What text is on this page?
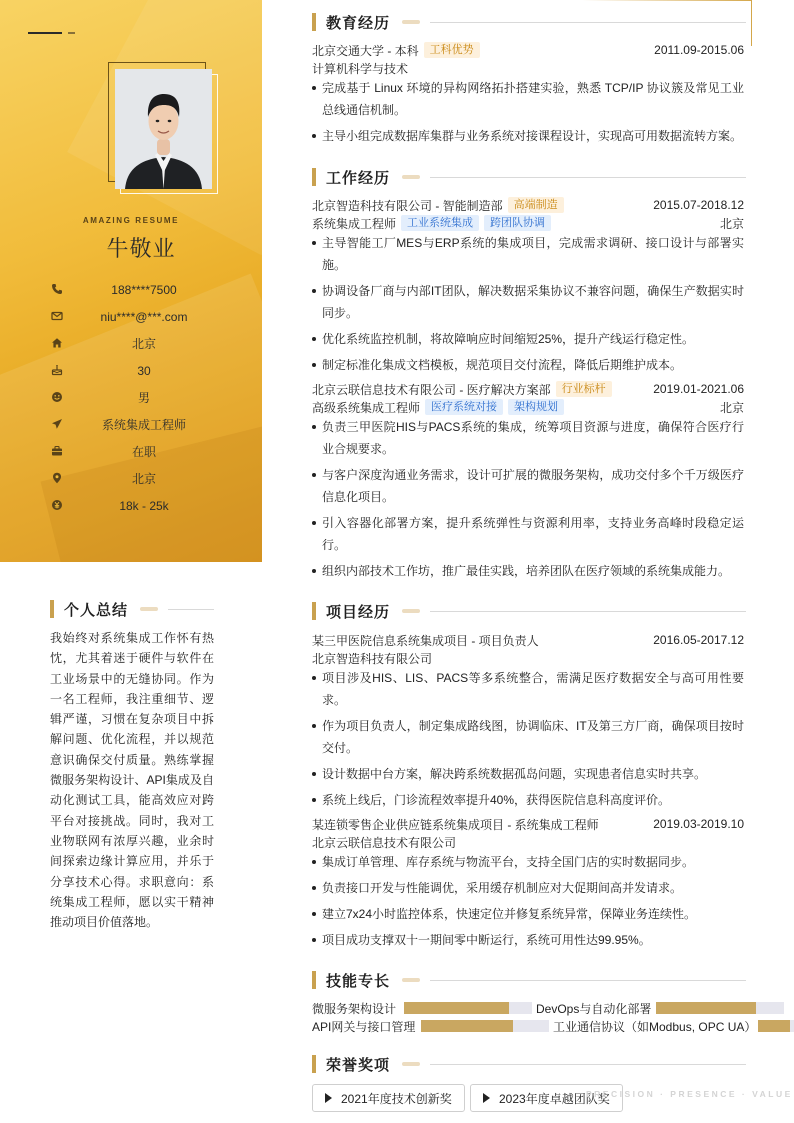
AMAZING RESUME
牛敬业
188****7500
niu****@***.com
北京
30
男
系统集成工程师
在职
北京
18k - 25k
个人总结
我始终对系统集成工作怀有热忱，尤其着迷于硬件与软件在工业场景中的无缝协同。作为一名工程师，我注重细节、逻辑严谨，习惯在复杂项目中拆解问题、优化流程，并以规范意识确保交付质量。熟练掌握微服务架构设计、API集成及自动化测试工具，能高效应对跨平台对接挑战。同时，我对工业物联网有浓厚兴趣，业余时间探索边缘计算应用，并乐于分享技术心得。求职意向：系统集成工程师，愿以实干精神推动项目价值落地。
教育经历
北京交通大学 - 本科	工科优势	2011.09-2015.06
计算机科学与技术
完成基于 Linux 环境的异构网络拓扑搭建实验，熟悉 TCP/IP 协议簇及常见工业总线通信机制。
主导小组完成数据库集群与业务系统对接课程设计，实现高可用数据流转方案。
工作经历
北京智造科技有限公司 - 智能制造部	高端制造	2015.07-2018.12
系统集成工程师	工业系统集成	跨团队协调	北京
主导智能工厂MES与ERP系统的集成项目，完成需求调研、接口设计与部署实施。
协调设备厂商与内部IT团队，解决数据采集协议不兼容问题，确保生产数据实时同步。
优化系统监控机制，将故障响应时间缩短25%，提升产线运行稳定性。
制定标准化集成文档模板，规范项目交付流程，降低后期维护成本。
北京云联信息技术有限公司 - 医疗解决方案部	行业标杆	2019.01-2021.06
高级系统集成工程师	医疗系统对接	架构规划	北京
负责三甲医院HIS与PACS系统的集成，统筹项目资源与进度，确保符合医疗行业合规要求。
与客户深度沟通业务需求，设计可扩展的微服务架构，成功交付多个千万级医疗信息化项目。
引入容器化部署方案，提升系统弹性与资源利用率，支持业务高峰时段稳定运行。
组织内部技术工作坊，推广最佳实践，培养团队在医疗领域的系统集成能力。
项目经历
某三甲医院信息系统集成项目 - 项目负责人	2016.05-2017.12
北京智造科技有限公司
项目涉及HIS、LIS、PACS等多系统整合，需满足医疗数据安全与高可用性要求。
作为项目负责人，制定集成路线图，协调临床、IT及第三方厂商，确保项目按时交付。
设计数据中台方案，解决跨系统数据孤岛问题，实现患者信息实时共享。
系统上线后，门诊流程效率提升40%，获得医院信息科高度评价。
某连锁零售企业供应链系统集成项目 - 系统集成工程师	2019.03-2019.10
北京云联信息技术有限公司
集成订单管理、库存系统与物流平台，支持全国门店的实时数据同步。
负责接口开发与性能调优，采用缓存机制应对大促期间高并发请求。
建立7x24小时监控体系，快速定位并修复系统异常，保障业务连续性。
项目成功支撑双十一期间零中断运行，系统可用性达99.95%。
技能专长
微服务架构设计	DevOps与自动化部署
API网关与接口管理	工业通信协议（如Modbus, OPC UA）
荣誉奖项
2021年度技术创新奖	2023年度卓越团队奖
PRECISION · PRESENCE · VALUE
